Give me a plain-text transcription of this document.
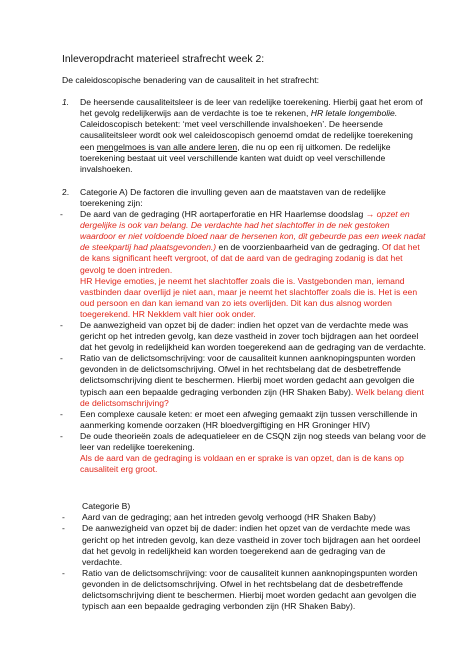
Inleveropdracht materieel strafrecht week 2:

De caleidoscopische benadering van de causaliteit in het strafrecht:

1.	De heersende causaliteitsleer is de leer van redelijke toerekening. Hierbij gaat het erom of het gevolg redelijkerwijs aan de verdachte is toe te rekenen, HR letale longembolie. Caleidoscopisch betekent: ‘met veel verschillende invalshoeken’. De heersende causaliteitsleer wordt ook wel caleidoscopisch genoemd omdat de redelijke toerekening een mengelmoes is van alle andere leren, die nu op een rij uitkomen. De redelijke toerekening bestaat uit veel verschillende kanten wat duidt op veel verschillende invalshoeken.
2.	Categorie A) De factoren die invulling geven aan de maatstaven van de redelijke toerekening zijn:

-	De aard van de gedraging (HR aortaperforatie en HR Haarlemse doodslag → opzet en dergelijke is ook van belang. De verdachte had het slachtoffer in de nek gestoken waardoor er niet voldoende bloed naar de hersenen kon, dit gebeurde pas een week nadat de steekpartij had plaatsgevonden.) en de voorzienbaarheid van de gedraging. Of dat het de kans significant heeft vergroot, of dat de aard van de gedraging zodanig is dat het gevolg te doen intreden.

HR Hevige emoties, je neemt het slachtoffer zoals die is. Vastgebonden man, iemand vastbinden daar overlijd je niet aan, maar je neemt het slachtoffer zoals die is. Het is een oud persoon en dan kan iemand van zo iets overlijden. Dit kan dus alsnog worden toegerekend. HR Nekklem valt hier ook onder.

-	De aanwezigheid van opzet bij de dader: indien het opzet van de verdachte mede was gericht op het intreden gevolg, kan deze vastheid in zover toch bijdragen aan het oordeel dat het gevolg in redelijkheid kan worden toegerekend aan de gedraging van de verdachte.
-	Ratio van de delictsomschrijving: voor de causaliteit kunnen aanknopingspunten worden gevonden in de delictsomschrijving. Ofwel in het rechtsbelang dat de desbetreffende delictsomschrijving dient te beschermen. Hierbij moet worden gedacht aan gevolgen die typisch aan een bepaalde gedraging verbonden zijn (HR Shaken Baby). Welk belang dient de delictsomschrijving?
-	Een complexe causale keten: er moet een afweging gemaakt zijn tussen verschillende in aanmerking komende oorzaken (HR bloedvergiftiging en HR Groninger HIV)
-	De oude theorieën zoals de adequatieleer en de CSQN zijn nog steeds van belang voor de leer van redelijke toerekening.

Als de aard van de gedraging is voldaan en er sprake is van opzet, dan is de kans op causaliteit erg groot.

Categorie B)

-	Aard van de gedraging; aan het intreden gevolg verhoogd (HR Shaken Baby)
-	De aanwezigheid van opzet bij de dader: indien het opzet van de verdachte mede was gericht op het intreden gevolg, kan deze vastheid in zover toch bijdragen aan het oordeel dat het gevolg in redelijkheid kan worden toegerekend aan de gedraging van de verdachte.
-	Ratio van de delictsomschrijving: voor de causaliteit kunnen aanknopingspunten worden gevonden in de delictsomschrijving. Ofwel in het rechtsbelang dat de desbetreffende delictsomschrijving dient te beschermen. Hierbij moet worden gedacht aan gevolgen die typisch aan een bepaalde gedraging verbonden zijn (HR Shaken Baby).
